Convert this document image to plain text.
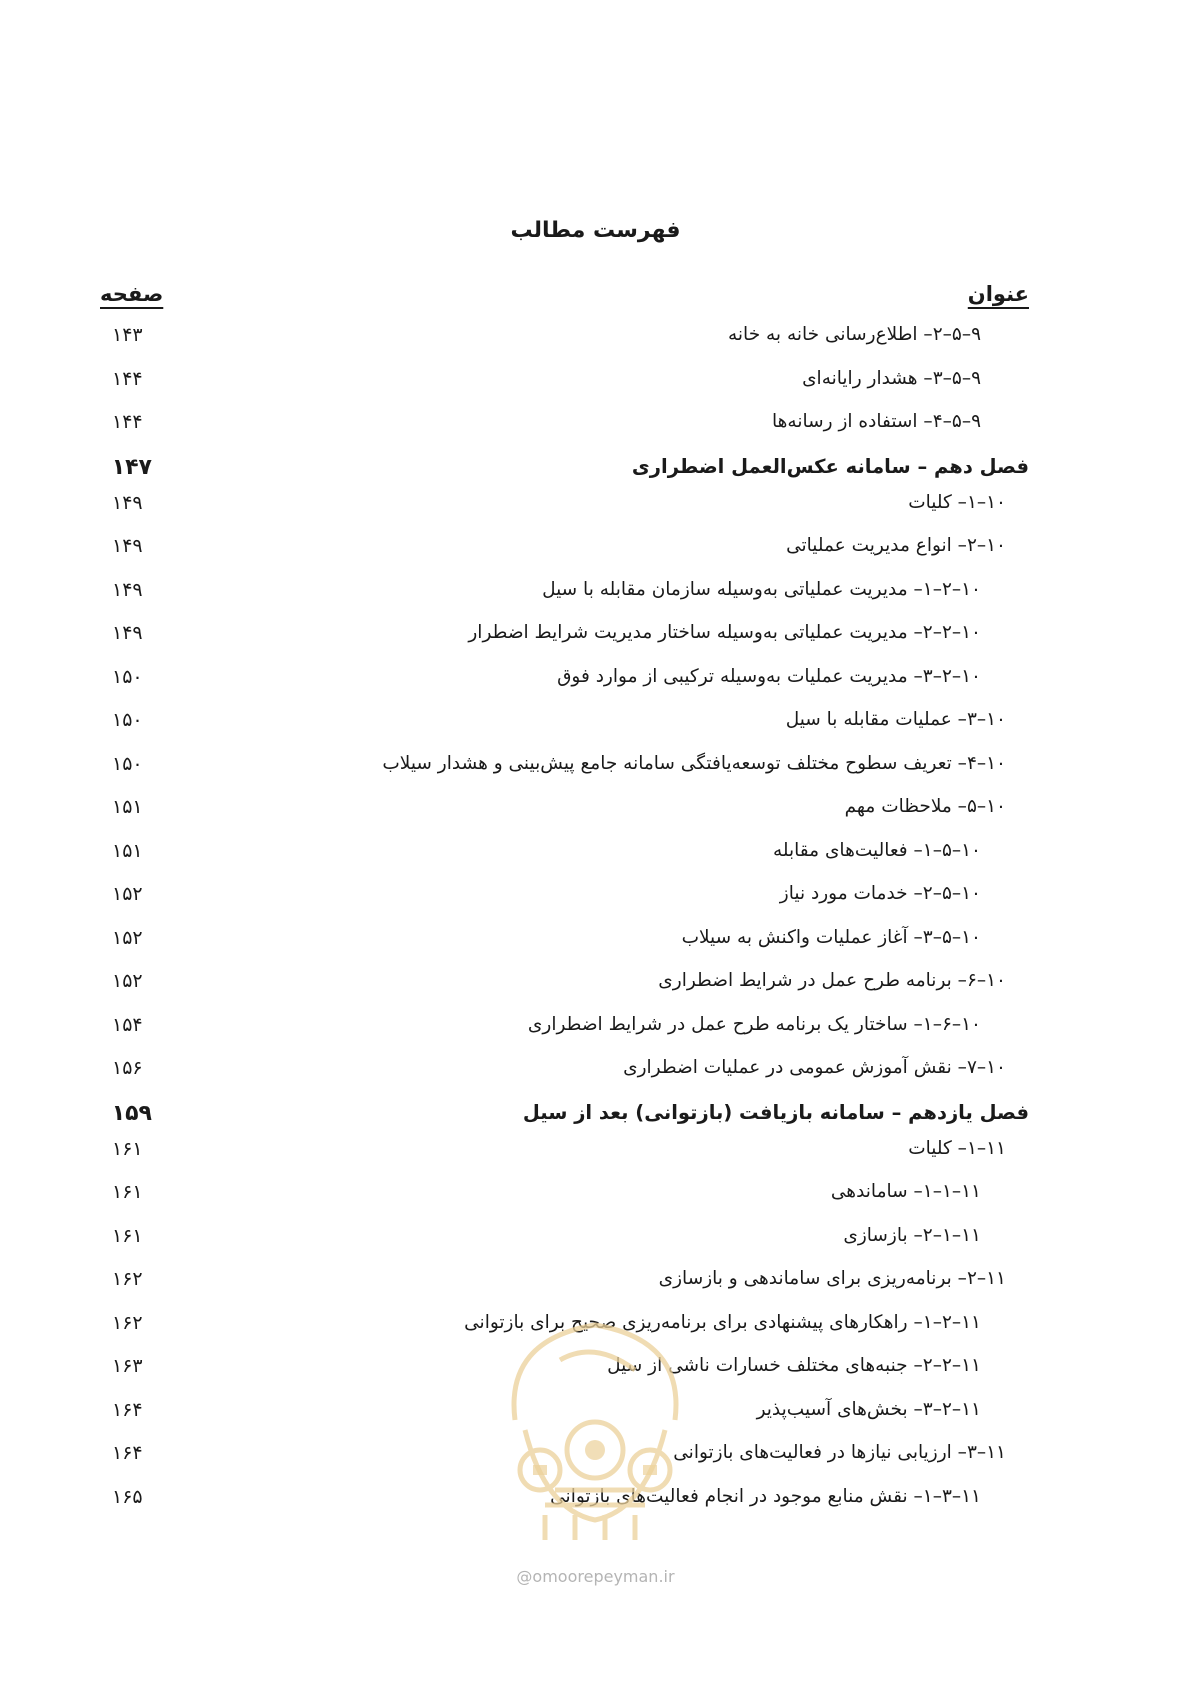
فهرست مطالب
عنوان
صفحه
۹–۵–۲– اطلاع‌رسانی خانه به خانه
۱۴۳
۹–۵–۳– هشدار رایانه‌ای
۱۴۴
۹–۵–۴– استفاده از رسانه‌ها
۱۴۴
فصل دهم – سامانه عکس‌العمل اضطراری
۱۴۷
۱۰–۱– کلیات
۱۴۹
۱۰–۲– انواع مدیریت عملیاتی
۱۴۹
۱۰–۲–۱– مدیریت عملیاتی به‌وسیله سازمان مقابله با سیل
۱۴۹
۱۰–۲–۲– مدیریت عملیاتی به‌وسیله ساختار مدیریت شرایط اضطرار
۱۴۹
۱۰–۲–۳– مدیریت عملیات به‌وسیله ترکیبی از موارد فوق
۱۵۰
۱۰–۳– عملیات مقابله با سیل
۱۵۰
۱۰–۴– تعریف سطوح مختلف توسعه‌یافتگی سامانه جامع پیش‌بینی و هشدار سیلاب
۱۵۰
۱۰–۵– ملاحظات مهم
۱۵۱
۱۰–۵–۱– فعالیت‌های مقابله
۱۵۱
۱۰–۵–۲– خدمات مورد نیاز
۱۵۲
۱۰–۵–۳– آغاز عملیات واکنش به سیلاب
۱۵۲
۱۰–۶– برنامه طرح عمل در شرایط اضطراری
۱۵۲
۱۰–۶–۱– ساختار یک برنامه طرح عمل در شرایط اضطراری
۱۵۴
۱۰–۷– نقش آموزش عمومی در عملیات اضطراری
۱۵۶
فصل یازدهم – سامانه بازیافت (بازتوانی) بعد از سیل
۱۵۹
۱۱–۱– کلیات
۱۶۱
۱۱–۱–۱– ساماندهی
۱۶۱
۱۱–۱–۲– بازسازی
۱۶۱
۱۱–۲– برنامه‌ریزی برای ساماندهی و بازسازی
۱۶۲
۱۱–۲–۱– راهکارهای پیشنهادی برای برنامه‌ریزی صحیح برای بازتوانی
۱۶۲
۱۱–۲–۲– جنبه‌های مختلف خسارات ناشی از سیل
۱۶۳
۱۱–۲–۳– بخش‌های آسیب‌پذیر
۱۶۴
۱۱–۳– ارزیابی نیازها در فعالیت‌های بازتوانی
۱۶۴
۱۱–۳–۱– نقش منابع موجود در انجام فعالیت‌های بازتوانی
۱۶۵
@omoorepeyman.ir
